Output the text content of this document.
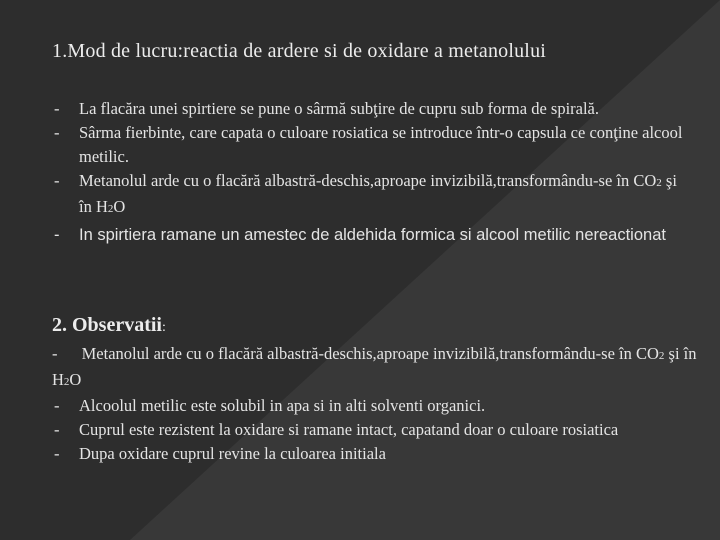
1.Mod de lucru:reactia de ardere si de oxidare a metanolului
- La flacăra unei spirtiere se pune o sârmă subţire de cupru sub forma de spirală.
- Sârma fierbinte, care capata o culoare rosiatica se introduce într-o capsula ce conţine alcool metilic.
- Metanolul arde cu o flacără albastră-deschis,aproape invizibilă,transformându-se în CO2 şi în H2O
- In spirtiera ramane un amestec de aldehida formica si alcool metilic nereactionat
2. Observatii:

- Metanolul arde cu o flacără albastră-deschis,aproape invizibilă,transformându-se în CO2 şi în H2O

- Alcoolul metilic este solubil in apa si in alti solventi organici.
- Cuprul este rezistent la oxidare si ramane intact, capatand doar o culoare rosiatica
- Dupa oxidare cuprul revine la culoarea initiala
